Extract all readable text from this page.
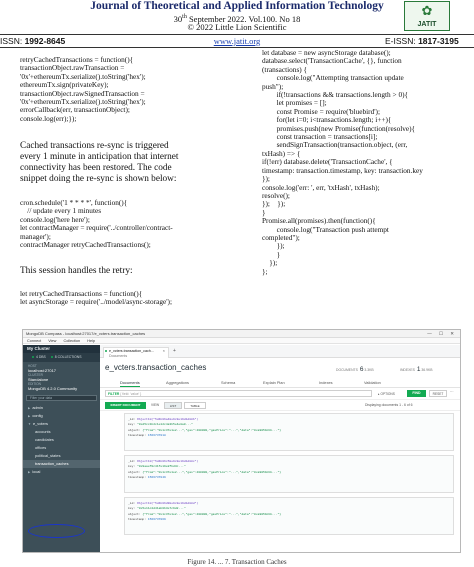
Journal of Theoretical and Applied Information Technology
30th September 2022. Vol.100. No 18
© 2022 Little Lion Scientific
✿
JATIT
ISSN: 1992-8645	www.jatit.org	E-ISSN: 1817-3195
retryCachedTransactions = function(){
transactionObject.rawTransaction =
'0x'+ethereumTx.serialize().toString('hex');
ethereumTx.sign(privateKey);
transactionObject.rawSignedTransaction =
'0x'+ethereumTx.serialize().toString('hex');
errorCallback(err, transactionObject);
console.log(err);});
Cached transactions re-sync is triggered
every 1 minute in anticipation that internet
connectivity has been restored. The code
snippet doing the re-sync is shown below:
cron.schedule('1 * * * *', function(){
// update every 1 minutes
console.log('here here');
let contractManager = require('../controller/contract-
manager');
contractManager retryCachedTransactions();
This session handles the retry:
let retryCachedTransactions = function(){
let asyncStorage = require('../model/async-storage');
let database = new asyncStorage database();
database.select('TransactionCache', {}, function
(transactions) {
console.log("Attempting transaction update
push");
if(!transactions && transactions.length > 0){
let promises = [];
const Promise = require('bluebird');
for(let i=0; i<transactions.length; i++){
promises.push(new Promise(function(resolve){
const transaction = transactions[i];
sendSignTransaction(transaction.object, (err,
txHash) => {
if(!err) database.delete('TransactionCache', {
timestamp: transaction.timestamp, key: transaction.key
});
console.log('err: ', err, 'txHash', txHash);
resolve();
});    });
}
Promise.all(promises).then(function(){
console.log("Transaction push attempt
completed");
});
}
});
};
MongoDB Compass - localhost:27017/e_vcters.transaction_caches	— ☐ ✕
Connect View Collection Help
My Cluster
4 DBS	8 COLLECTIONS
HOST
localhost:27017
CLUSTER
Standalone
EDITION
MongoDB 4.2.0 Community
Filter your data
▶ admin
▶ config
▼ e_voters
accounts
candidates
offices
political_states
transaction_caches
▶ local
e_vcters.transaction_cach...
Documents
× +
e_vcters.transaction_caches	DOCUMENTS 6 3.3KB	INDEXES 1 36.9KB
Documents	Aggregations	Schema	Explain Plan	Indexes	Validation
FILTER { field: 'value' }	▸ OPTIONS	FIND	RESET	···
INSERT DOCUMENT	VIEW	LIST	TABLE	Displaying documents 1 - 6 of 6
_id: ObjectId("5d4b06a48e9c9e19d1d88b")
key: "0xd5cc1b2c1e12c4a3b5e4e8a0..."
object: {"from":"0x1c37e1e2...","gas":400000,"gasPrice":"...","data":"0xa9059cbb..."}
timestamp: 1566737018
_id: ObjectId("5d4b06c58e9c9e19d1d88c")
key: "0x9aaef0c41fe19e8fbd3c..."
object: {"from":"0x1c37e1e2...","gas":400000,"gasPrice":"...","data":"0xa9059cbb..."}
timestamp: 1566737049
_id: ObjectId("5d4b06d98e9c9e19d1d88d")
key: "0x5e11c2d41ab0b3e7c9d2..."
object: {"from":"0x1c37e1e2...","gas":400000,"gasPrice":"...","data":"0xa9059cbb..."}
timestamp: 1566737069
Figure 14. ... 7. Transaction Caches
